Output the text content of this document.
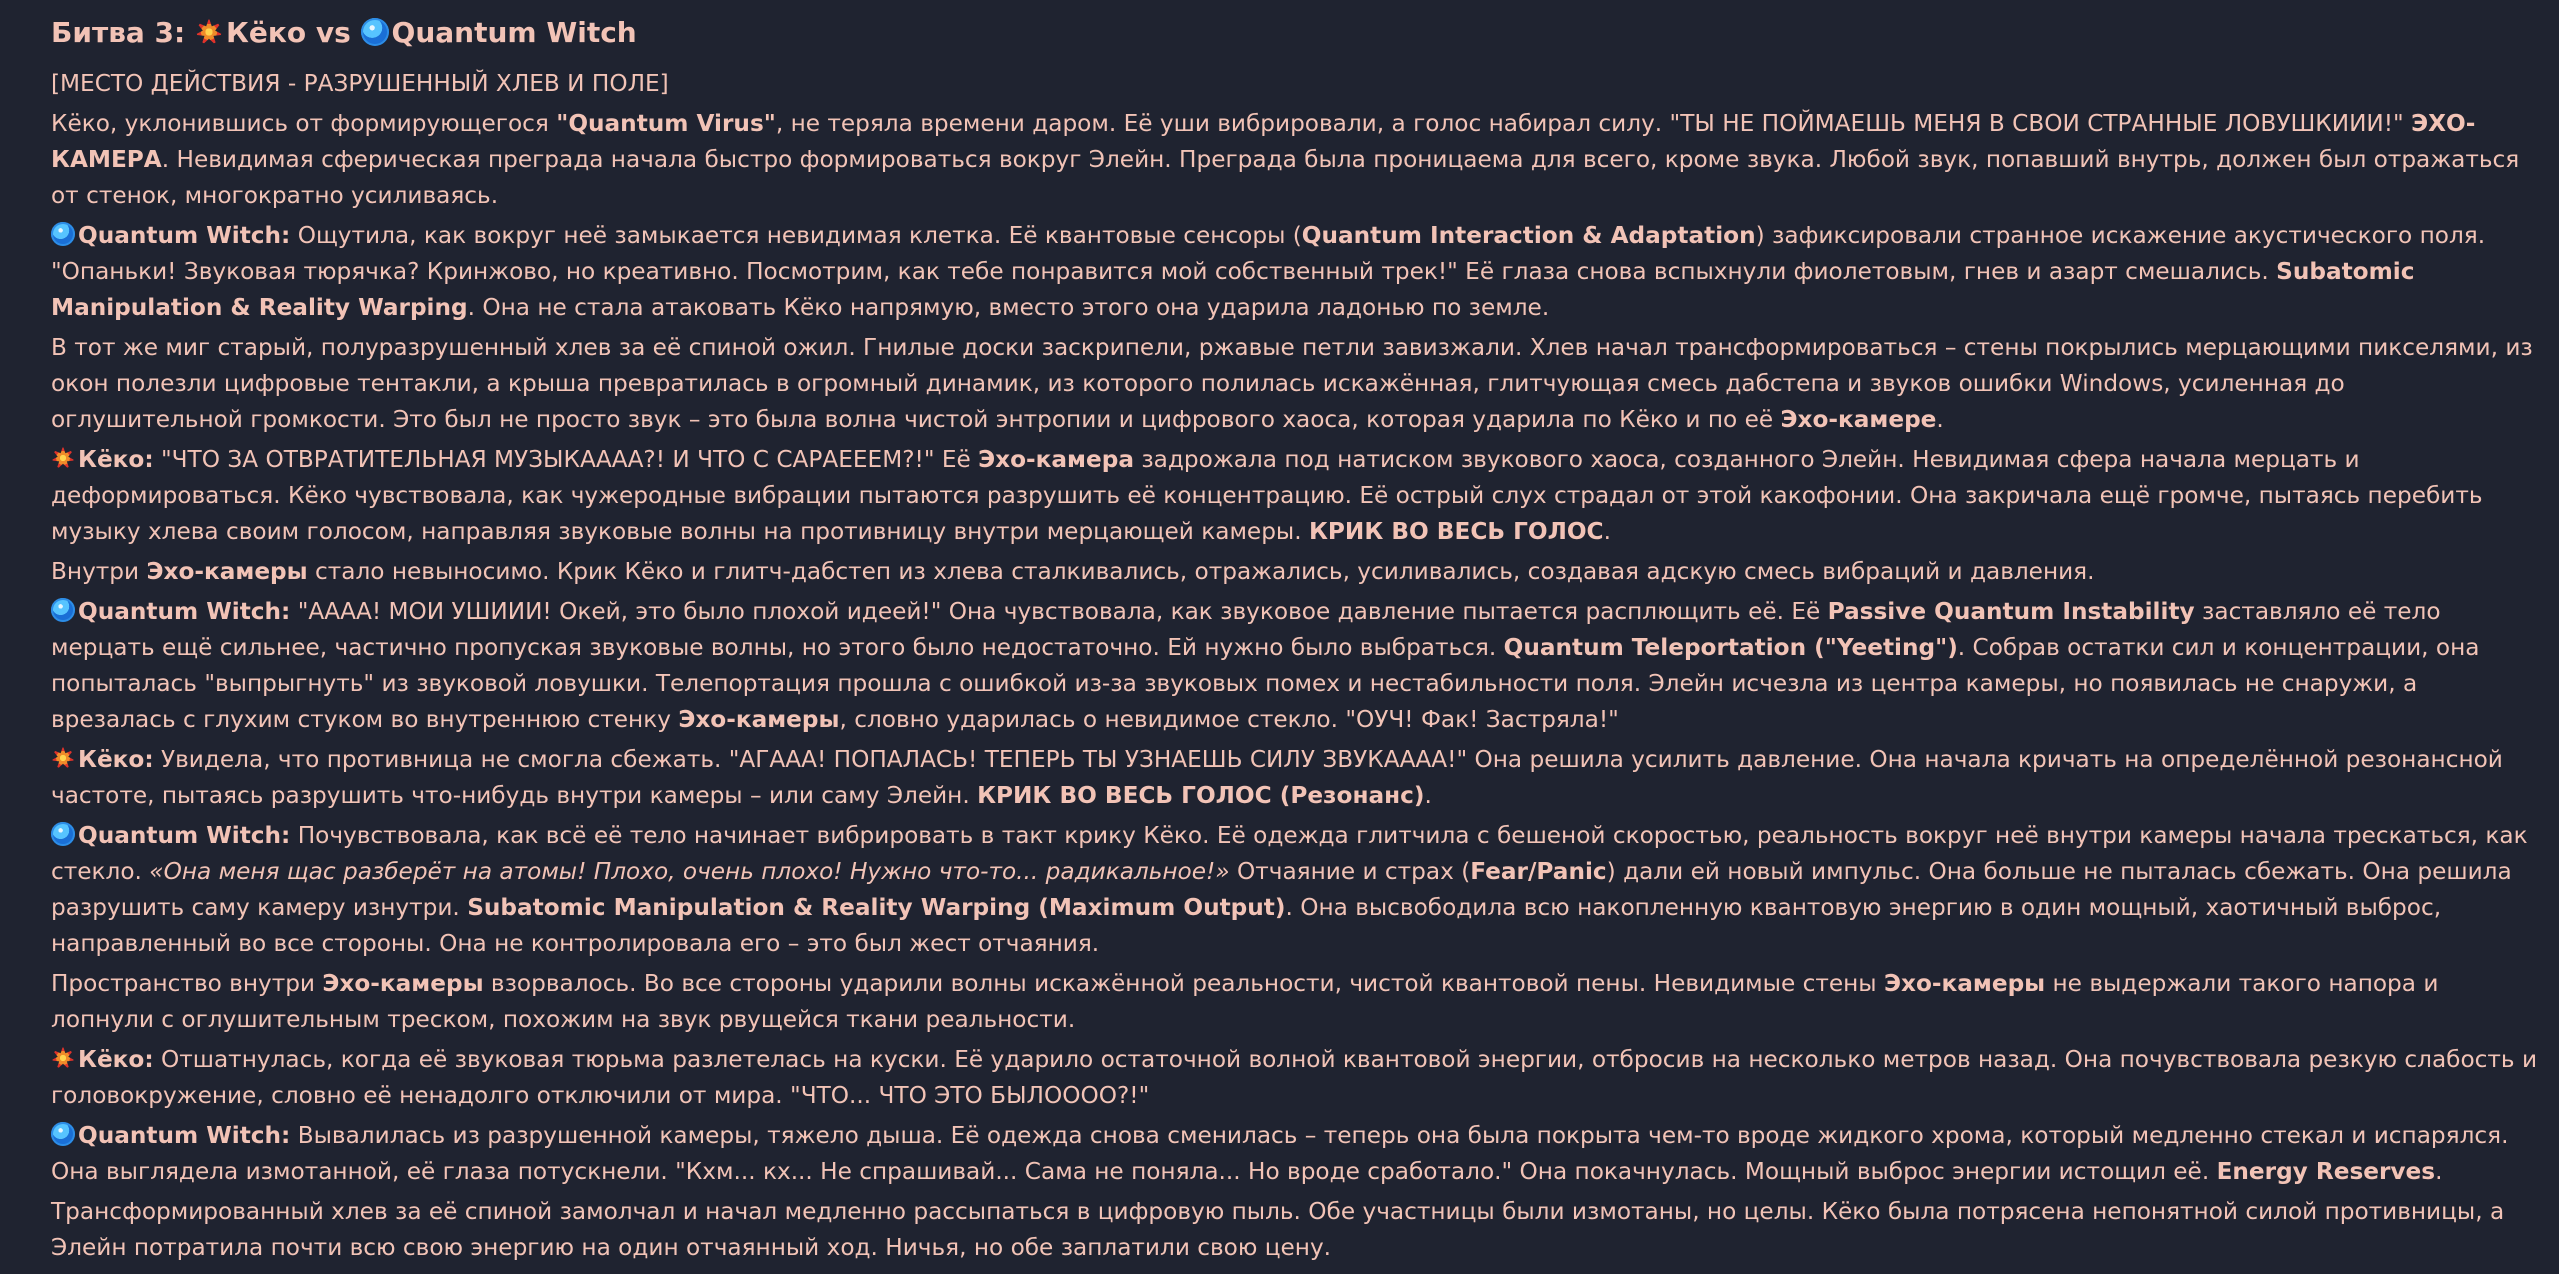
Битва 3: Кёко vs Quantum Witch
[МЕСТО ДЕЙСТВИЯ - РАЗРУШЕННЫЙ ХЛЕВ И ПОЛЕ]
Кёко, уклонившись от формирующегося "Quantum Virus", не теряла времени даром. Её уши вибрировали, а голос набирал силу. "ТЫ НЕ ПОЙМАЕШЬ МЕНЯ В СВОИ СТРАННЫЕ ЛОВУШКИИИ!" ЭХО-КАМЕРА. Невидимая сферическая преграда начала быстро формироваться вокруг Элейн. Преграда была проницаема для всего, кроме звука. Любой звук, попавший внутрь, должен был отражаться от стенок, многократно усиливаясь.
Quantum Witch: Ощутила, как вокруг неё замыкается невидимая клетка. Её квантовые сенсоры (Quantum Interaction & Adaptation) зафиксировали странное искажение акустического поля. "Опаньки! Звуковая тюрячка? Кринжово, но креативно. Посмотрим, как тебе понравится мой собственный трек!" Её глаза снова вспыхнули фиолетовым, гнев и азарт смешались. Subatomic Manipulation & Reality Warping. Она не стала атаковать Кёко напрямую, вместо этого она ударила ладонью по земле.
В тот же миг старый, полуразрушенный хлев за её спиной ожил. Гнилые доски заскрипели, ржавые петли завизжали. Хлев начал трансформироваться – стены покрылись мерцающими пикселями, из окон полезли цифровые тентакли, а крыша превратилась в огромный динамик, из которого полилась искажённая, глитчующая смесь дабстепа и звуков ошибки Windows, усиленная до оглушительной громкости. Это был не просто звук – это была волна чистой энтропии и цифрового хаоса, которая ударила по Кёко и по её Эхо-камере.
Кёко: "ЧТО ЗА ОТВРАТИТЕЛЬНАЯ МУЗЫКАААА?! И ЧТО С САРАЕЕЕМ?!" Её Эхо-камера задрожала под натиском звукового хаоса, созданного Элейн. Невидимая сфера начала мерцать и деформироваться. Кёко чувствовала, как чужеродные вибрации пытаются разрушить её концентрацию. Её острый слух страдал от этой какофонии. Она закричала ещё громче, пытаясь перебить музыку хлева своим голосом, направляя звуковые волны на противницу внутри мерцающей камеры. КРИК ВО ВЕСЬ ГОЛОС.
Внутри Эхо-камеры стало невыносимо. Крик Кёко и глитч-дабстеп из хлева сталкивались, отражались, усиливались, создавая адскую смесь вибраций и давления.
Quantum Witch: "АААА! МОИ УШИИИ! Окей, это было плохой идеей!" Она чувствовала, как звуковое давление пытается расплющить её. Её Passive Quantum Instability заставляло её тело мерцать ещё сильнее, частично пропуская звуковые волны, но этого было недостаточно. Ей нужно было выбраться. Quantum Teleportation ("Yeeting"). Собрав остатки сил и концентрации, она попыталась "выпрыгнуть" из звуковой ловушки. Телепортация прошла с ошибкой из-за звуковых помех и нестабильности поля. Элейн исчезла из центра камеры, но появилась не снаружи, а врезалась с глухим стуком во внутреннюю стенку Эхо-камеры, словно ударилась о невидимое стекло. "ОУЧ! Фак! Застряла!"
Кёко: Увидела, что противница не смогла сбежать. "АГААА! ПОПАЛАСЬ! ТЕПЕРЬ ТЫ УЗНАЕШЬ СИЛУ ЗВУКАААА!" Она решила усилить давление. Она начала кричать на определённой резонансной частоте, пытаясь разрушить что-нибудь внутри камеры – или саму Элейн. КРИК ВО ВЕСЬ ГОЛОС (Резонанс).
Quantum Witch: Почувствовала, как всё её тело начинает вибрировать в такт крику Кёко. Её одежда глитчила с бешеной скоростью, реальность вокруг неё внутри камеры начала трескаться, как стекло. «Она меня щас разберёт на атомы! Плохо, очень плохо! Нужно что-то... радикальное!» Отчаяние и страх (Fear/Panic) дали ей новый импульс. Она больше не пыталась сбежать. Она решила разрушить саму камеру изнутри. Subatomic Manipulation & Reality Warping (Maximum Output). Она высвободила всю накопленную квантовую энергию в один мощный, хаотичный выброс, направленный во все стороны. Она не контролировала его – это был жест отчаяния.
Пространство внутри Эхо-камеры взорвалось. Во все стороны ударили волны искажённой реальности, чистой квантовой пены. Невидимые стены Эхо-камеры не выдержали такого напора и лопнули с оглушительным треском, похожим на звук рвущейся ткани реальности.
Кёко: Отшатнулась, когда её звуковая тюрьма разлетелась на куски. Её ударило остаточной волной квантовой энергии, отбросив на несколько метров назад. Она почувствовала резкую слабость и головокружение, словно её ненадолго отключили от мира. "ЧТО... ЧТО ЭТО БЫЛООOO?!"
Quantum Witch: Вывалилась из разрушенной камеры, тяжело дыша. Её одежда снова сменилась – теперь она была покрыта чем-то вроде жидкого хрома, который медленно стекал и испарялся. Она выглядела измотанной, её глаза потускнели. "Кхм... кх... Не спрашивай... Сама не поняла... Но вроде сработало." Она покачнулась. Мощный выброс энергии истощил её. Energy Reserves.
Трансформированный хлев за её спиной замолчал и начал медленно рассыпаться в цифровую пыль. Обе участницы были измотаны, но целы. Кёко была потрясена непонятной силой противницы, а Элейн потратила почти всю свою энергию на один отчаянный ход. Ничья, но обе заплатили свою цену.
